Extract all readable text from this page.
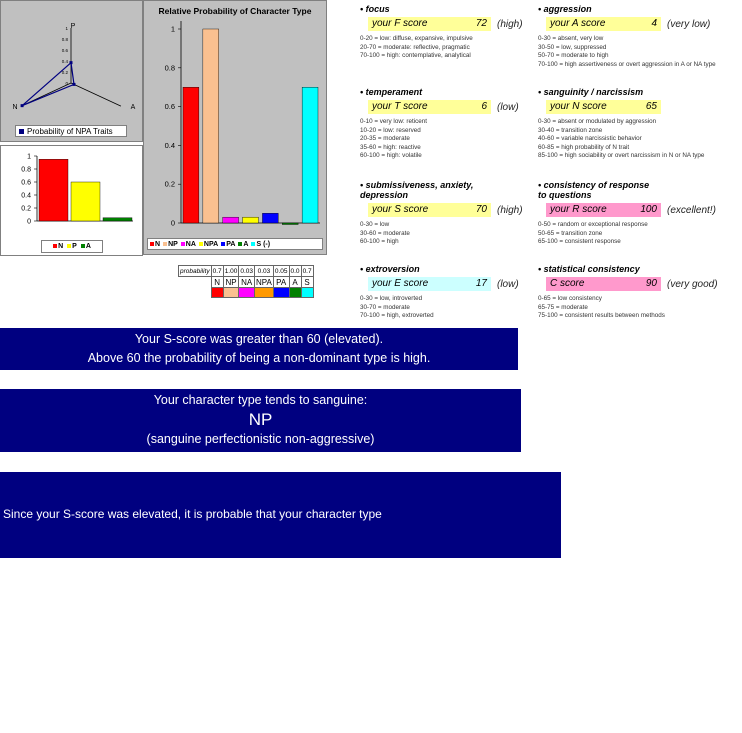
P
N	A
1
0.8
0.6
0.4
0.2
0
Probability of NPA Traits
1
0.8
0.6
0.4
0.2
0
N P A
Relative Probability of Character Type
1
0.8
0.6
0.4
0.2
0
N NP NA NPA PA A S (-)
probability	0.7	1.00	0.03	0.03	0.05	0.0	0.7
	N	NP	NA	NPA	PA	A	S

• focus
your F score	72 (high)
0-20 = low: diffuse, expansive, impulsive
20-70 = moderate: reflective, pragmatic
70-100 = high: contemplative, analytical
• aggression
your A score	4 (very low)
0-30 = absent, very low
30-50 = low, suppressed
50-70 = moderate to high
70-100 = high assertiveness or overt aggression in A or NA type
• temperament
your T score	6 (low)
0-10 = very low: reticent
10-20 = low: reserved
20-35 = moderate
35-60 = high: reactive
60-100 = high: volatile
• sanguinity / narcissism
your N score	65
0-30 = absent or modulated by aggression
30-40 = transition zone
40-60 = variable narcissistic behavior
60-85 = high probability of N trait
85-100 = high sociability or overt narcissism in N or NA type
• submissiveness, anxiety,
depression
your S score	70 (high)
0-30 = low
30-60 = moderate
60-100 = high
• consistency of response
to questions
your R score	100 (excellent!)
0-50 = random or exceptional response
50-65 = transition zone
65-100 = consistent response
• extroversion
your E score	17 (low)
0-30 = low, introverted
30-70 = moderate
70-100 = high, extroverted
• statistical consistency
C score	90 (very good)
0-65 = low consistency
65-75 = moderate
75-100 = consistent results between methods
Your S-score was greater than 60 (elevated).
Above 60 the probability of being a non-dominant type is high.
Your character type tends to sanguine:
NP
(sanguine perfectionistic non-aggressive)

Since your S-score was elevated, it is probable that your character type

is non-dominant: perfectionistic borderline (N-P) or passive aggressive (NPA- or NPA=).

Consider also the possibility of N type, or NA- passive aggressive type.

The low A score may reflect an inhibited trait of aggression in “passive aggressive” types.
